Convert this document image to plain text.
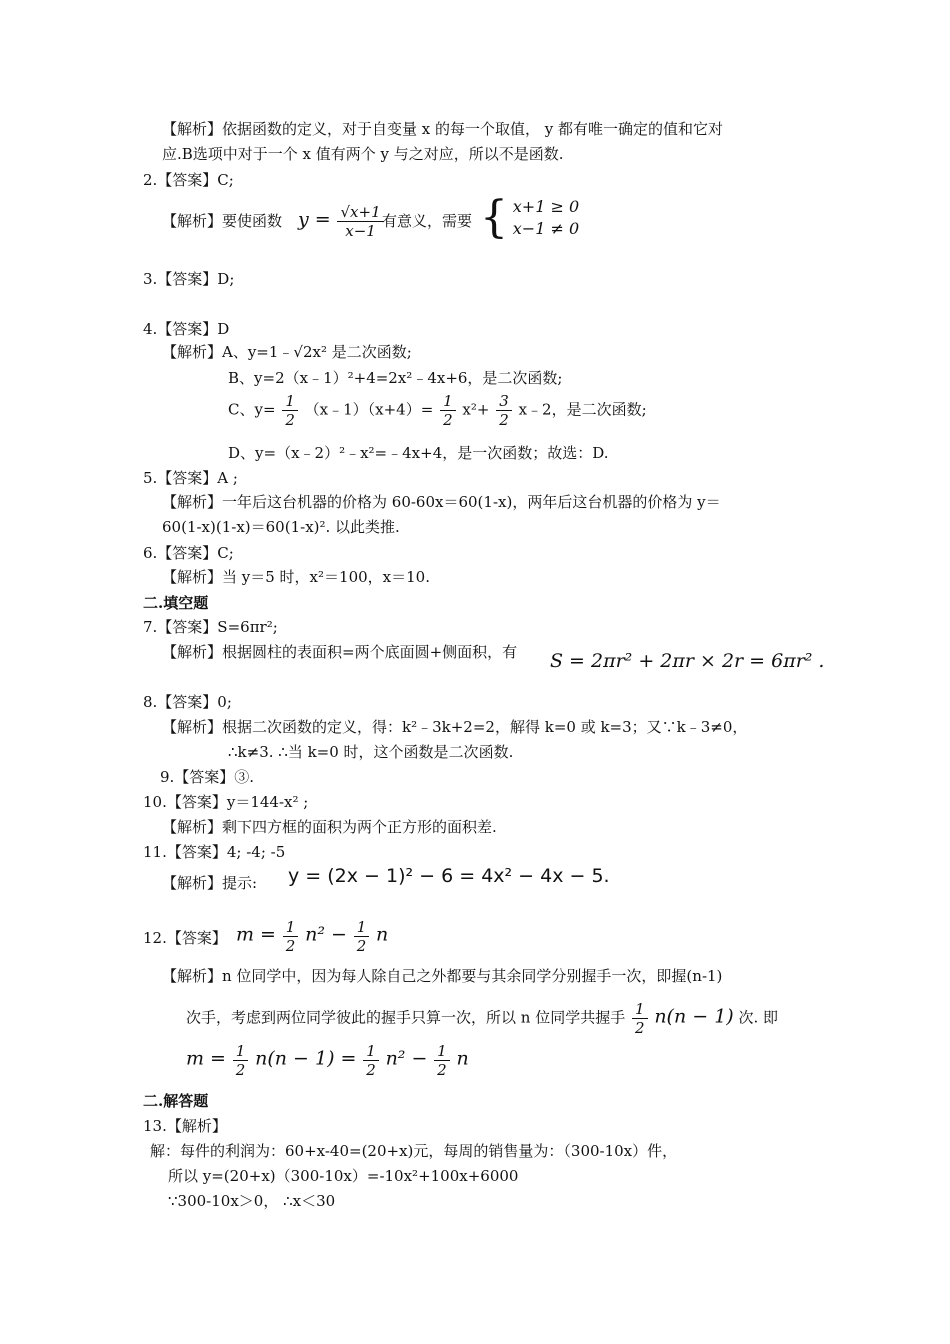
【解析】依据函数的定义，对于自变量 x 的每一个取值， y 都有唯一确定的值和它对
应.B选项中对于一个 x 值有两个 y 与之对应，所以不是函数.
2.【答案】C;
【解析】要使函数 $y = \frac{√x+1}{x-1}$
有意义，需要 { x+1 ≥ 0
x−1 ≠ 0
3.【答案】D;
4.【答案】D
【解析】A、y=1﹣√2x² 是二次函数;
B、y=2（x﹣1）²+4=2x²﹣4x+6，是二次函数;
C、$y= \frac{1}{2}$ （x﹣1）（x+4）= $\frac{1}{2} x^2+ \frac{3}{2}$ x﹣2，是二次函数;
D、y=（x﹣2）²﹣x²=﹣4x+4，是一次函数；故选：D.
5.【答案】A ;
【解析】一年后这台机器的价格为 60-60x＝60(1-x)，两年后这台机器的价格为 y＝
60(1-x)(1-x)＝60(1-x)². 以此类推.
6.【答案】C;
【解析】当 y＝5 时，x²＝100，x＝10.
二.填空题
7.【答案】S=6πr²;
【解析】根据圆柱的表面积=两个底面圆+侧面积，有 S = 2πr² + 2πr × 2r = 6πr² .
8.【答案】0;
【解析】根据二次函数的定义，得：k²﹣3k+2=2，解得 k=0 或 k=3；又∵k﹣3≠0，
∴k≠3. ∴当 k=0 时，这个函数是二次函数.
9.【答案】③.
10.【答案】y＝144-x² ;
【解析】剩下四方框的面积为两个正方形的面积差.
11.【答案】4; -4; -5
【解析】提示: y = (2x − 1)² − 6 = 4x² − 4x − 5.
12.【答案】 $m = \frac{1}{2} n^2 - \frac{1}{2}$ n
【解析】n 位同学中，因为每人除自己之外都要与其余同学分别握手一次，即握(n-1)
次手，考虑到两位同学彼此的握手只算一次，所以 n 位同学共握手 $\frac{1}{2} n(n - 1)$ 次. 即
$m = \frac{1}{2} n(n - 1) = \frac{1}{2} n^2 - \frac{1}{2}$ n
二.解答题
13.【解析】
解：每件的利润为：60+x-40=(20+x)元，每周的销售量为：（300-10x）件，
所以 y=(20+x)（300-10x）=-10x²+100x+6000
∵300-10x＞0， ∴x＜30
